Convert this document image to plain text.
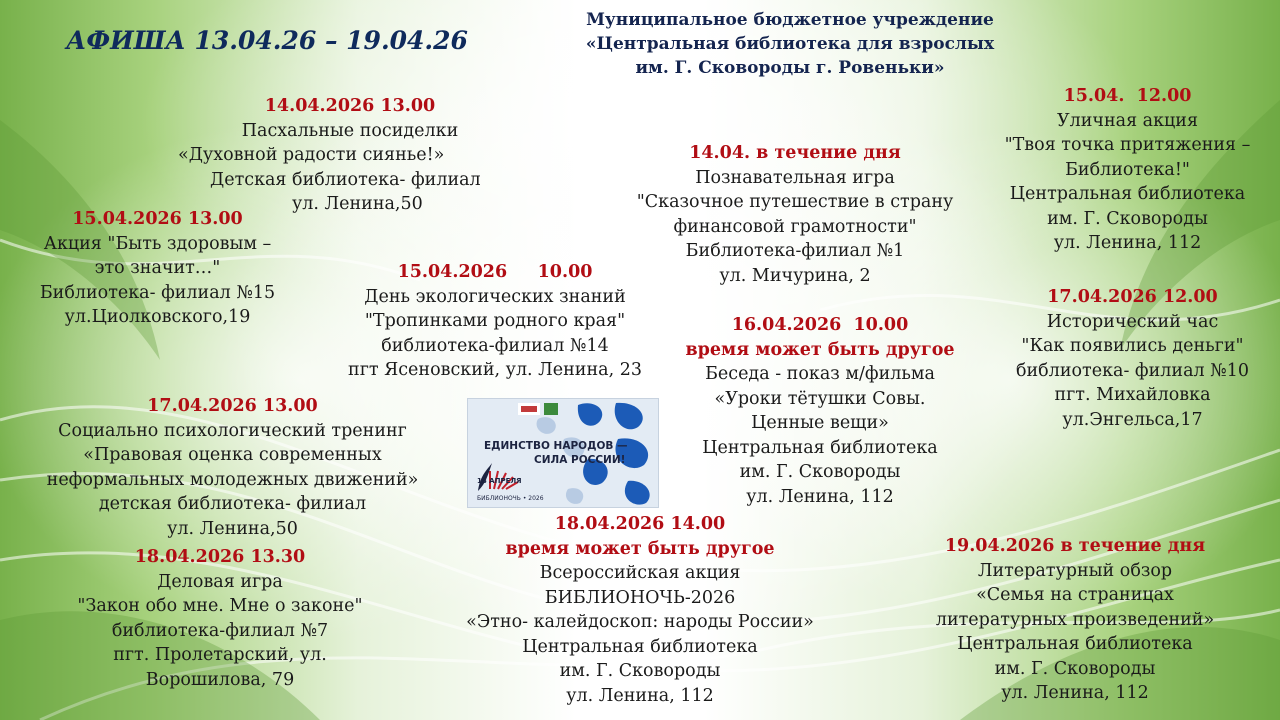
АФИША 13.04.26 – 19.04.26
Муниципальное бюджетное учреждение
«Центральная библиотека для взрослых
им. Г. Сковороды г. Ровеньки»
14.04.2026 13.00
Пасхальные посиделки
«Духовной радости сиянье!»
Детская библиотека- филиал
ул. Ленина,50
15.04.2026 13.00
Акция "Быть здоровым –
это значит…"
Библиотека- филиал №15
ул.Циолковского,19
15.04.2026     10.00
День экологических знаний
"Тропинками родного края"
библиотека-филиал №14
пгт Ясеновский, ул. Ленина, 23
14.04. в течение дня
Познавательная игра
"Сказочное путешествие в страну
финансовой грамотности"
Библиотека-филиал №1
ул. Мичурина, 2
15.04.  12.00
Уличная акция
"Твоя точка притяжения –
Библиотека!"
Центральная библиотека
им. Г. Сковороды
ул. Ленина, 112
17.04.2026 12.00
Исторический час
"Как появились деньги"
библиотека- филиал №10
пгт. Михайловка
ул.Энгельса,17
16.04.2026  10.00
время может быть другое
Беседа - показ м/фильма
«Уроки тётушки Совы.
Ценные вещи»
Центральная библиотека
им. Г. Сковороды
ул. Ленина, 112
17.04.2026 13.00
Социально психологический тренинг
«Правовая оценка современных
неформальных молодежных движений»
детская библиотека- филиал
ул. Ленина,50
18.04.2026 13.30
Деловая игра
"Закон обо мне. Мне о законе"
библиотека-филиал №7
пгт. Пролетарский, ул.
Ворошилова, 79
18.04.2026 14.00
время может быть другое
Всероссийская акция
БИБЛИОНОЧЬ-2026
«Этно- калейдоскоп: народы России»
Центральная библиотека
им. Г. Сковороды
ул. Ленина, 112
19.04.2026 в течение дня
Литературный обзор
«Семья на страницах
литературных произведений»
Центральная библиотека
им. Г. Сковороды
ул. Ленина, 112
ЕДИНСТВО НАРОДОВ —
СИЛА РОССИИ!
18 АПРЕЛЯ
БИБЛИОНОЧЬ • 2026
